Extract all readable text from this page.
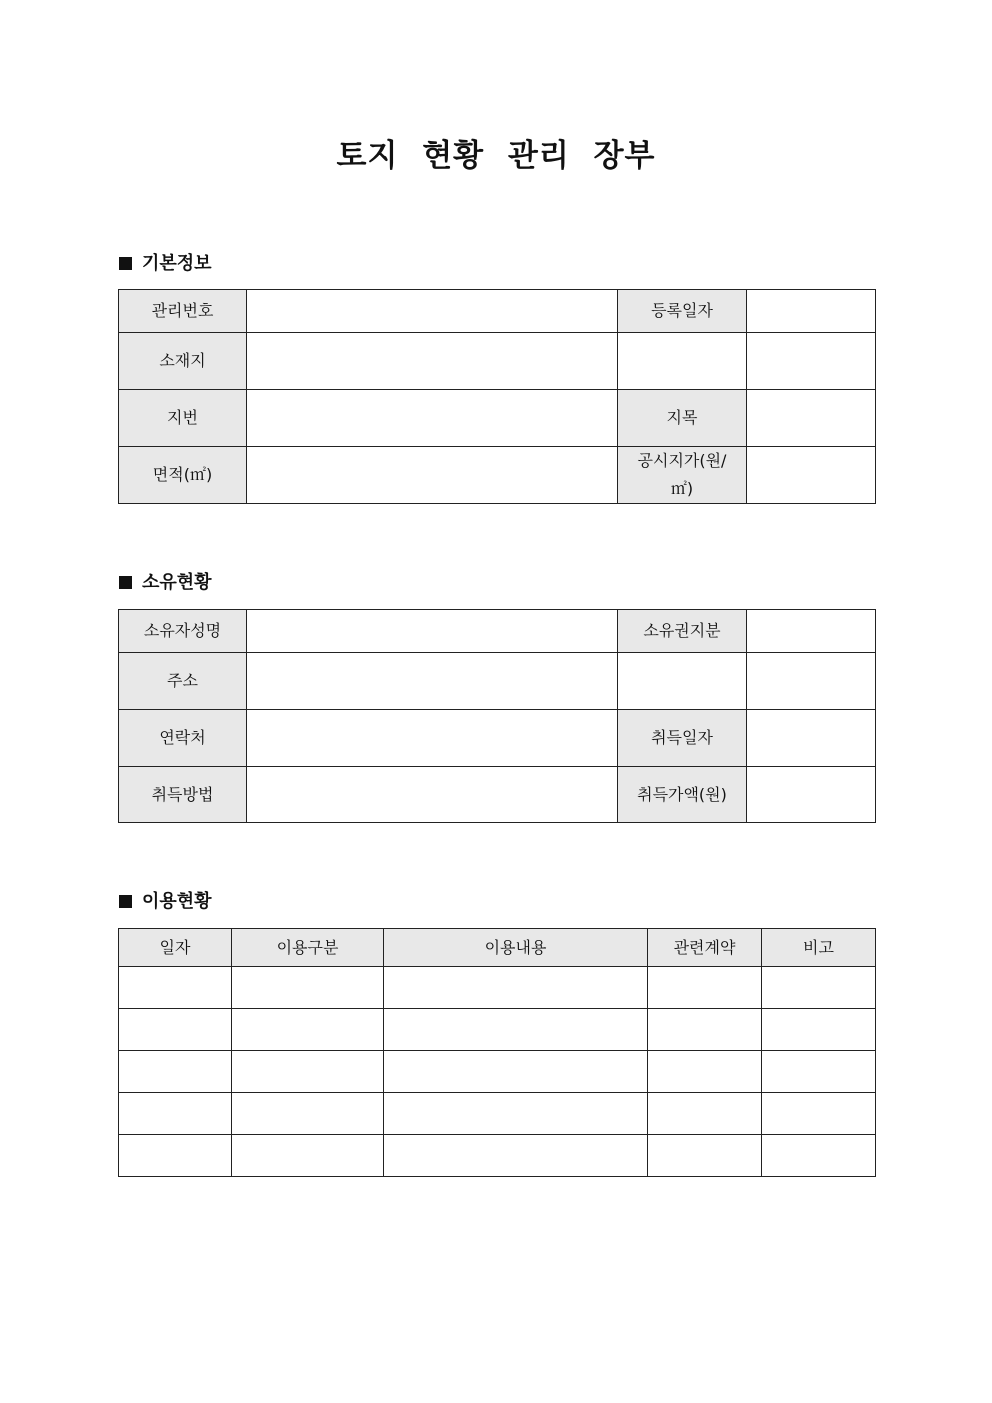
토지 현황 관리 장부
기본정보
관리번호		등록일자	
소재지			
지번		지목	
면적(㎡)		공시지가(원/㎡)	
소유현황
소유자성명		소유권지분	
주소			
연락처		취득일자	
취득방법		취득가액(원)	
이용현황
일자	이용구분	이용내용	관련계약	비고
